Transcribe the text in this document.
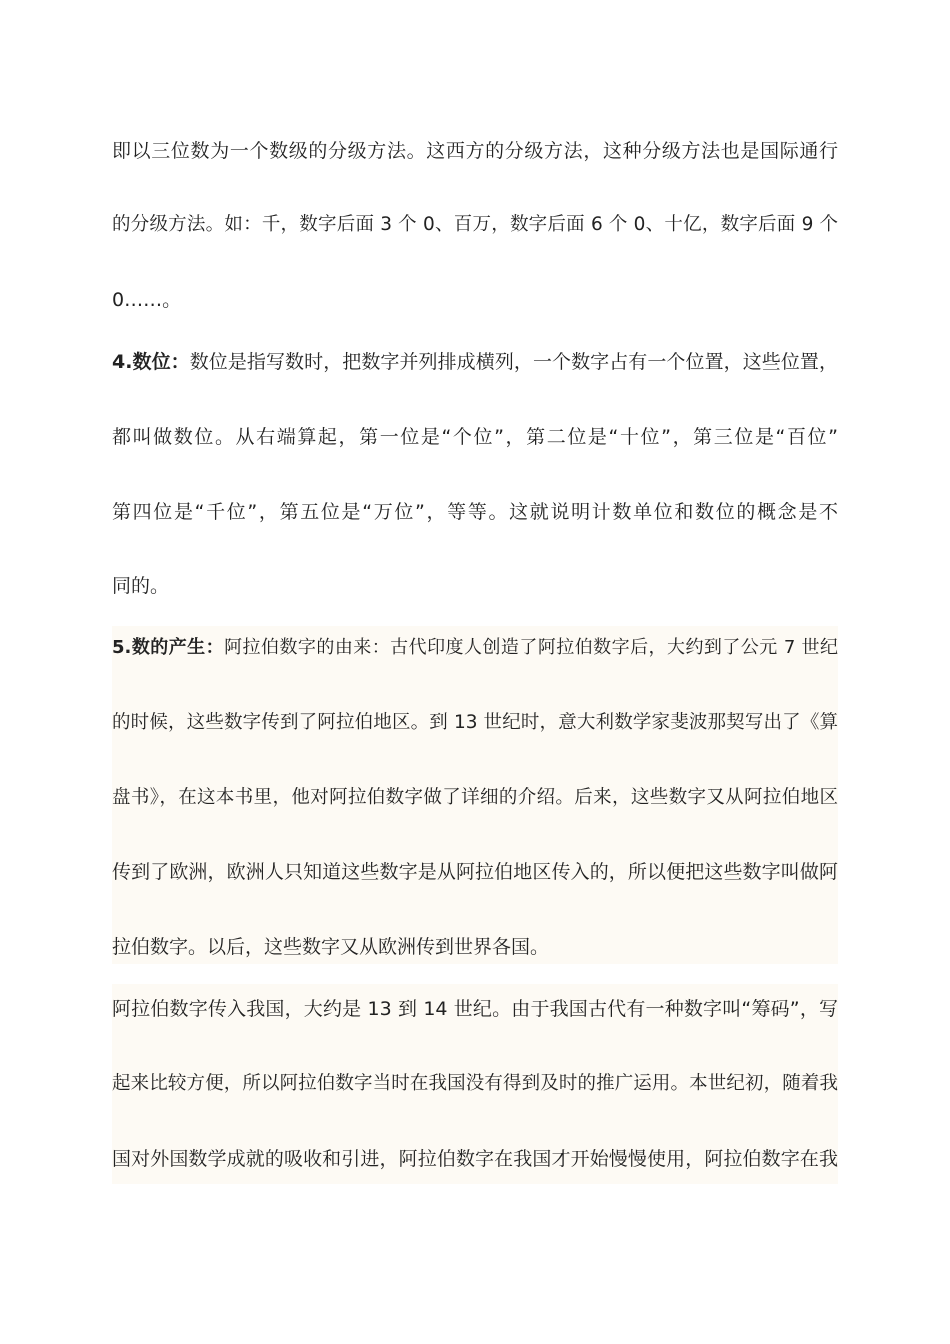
即以三位数为一个数级的分级方法。这西方的分级方法，这种分级方法也是国际通行
的分级方法。如：千，数字后面 3 个 0、百万，数字后面 6 个 0、十亿，数字后面 9 个
0……。
4.数位：数位是指写数时，把数字并列排成横列，一个数字占有一个位置，这些位置，
都叫做数位。从右端算起，第一位是“个位”，第二位是“十位”，第三位是“百位”
第四位是“千位”，第五位是“万位”，等等。这就说明计数单位和数位的概念是不
同的。
5.数的产生：阿拉伯数字的由来：古代印度人创造了阿拉伯数字后，大约到了公元 7 世纪
的时候，这些数字传到了阿拉伯地区。到 13 世纪时，意大利数学家斐波那契写出了《算
盘书》，在这本书里，他对阿拉伯数字做了详细的介绍。后来，这些数字又从阿拉伯地区
传到了欧洲，欧洲人只知道这些数字是从阿拉伯地区传入的，所以便把这些数字叫做阿
拉伯数字。以后，这些数字又从欧洲传到世界各国。
阿拉伯数字传入我国，大约是 13 到 14 世纪。由于我国古代有一种数字叫“筹码”，写
起来比较方便，所以阿拉伯数字当时在我国没有得到及时的推广运用。本世纪初，随着我
国对外国数学成就的吸收和引进，阿拉伯数字在我国才开始慢慢使用，阿拉伯数字在我
